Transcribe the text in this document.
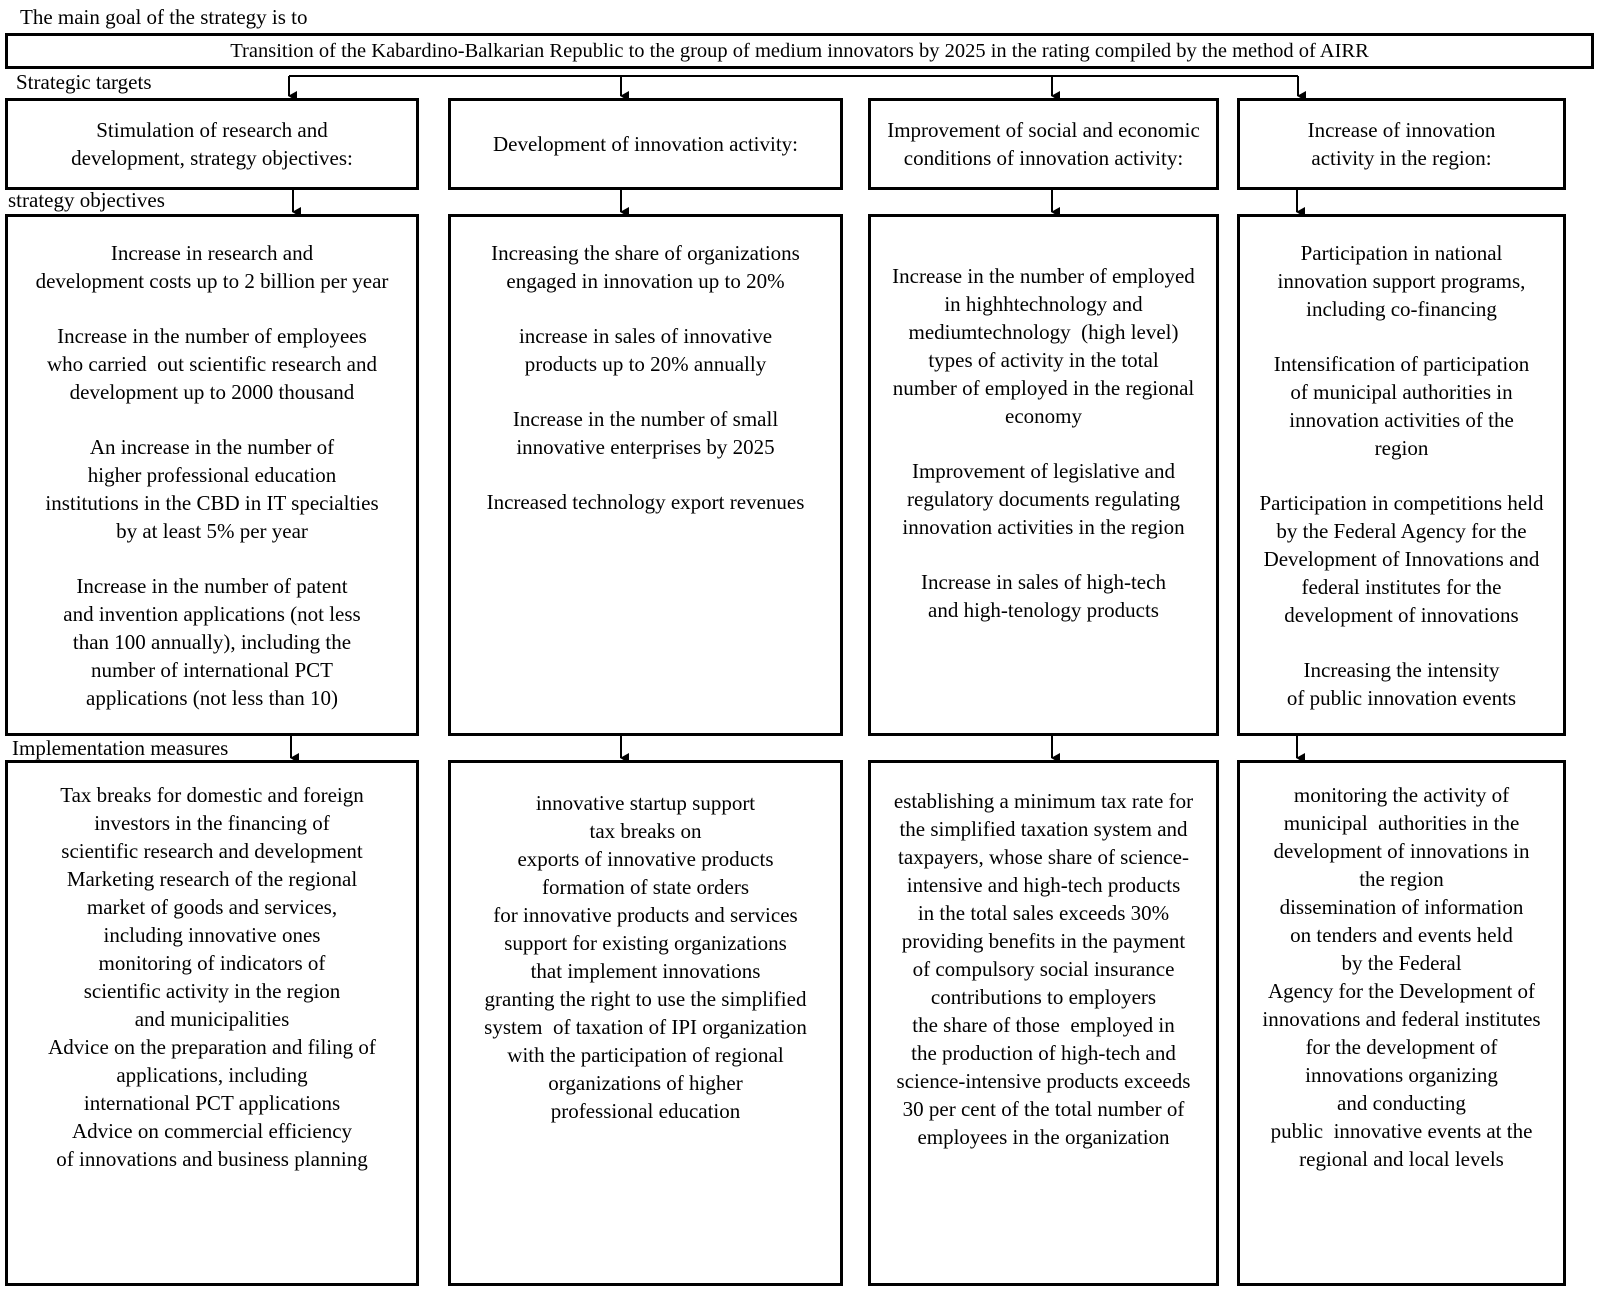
The main goal of the strategy is to
Transition of the Kabardino-Balkarian Republic to the group of medium innovators by 2025 in the rating compiled by the method of AIRR
Strategic targets
Stimulation of research and
development, strategy objectives:
Development of innovation activity:
Improvement of social and economic
conditions of innovation activity:
Increase of innovation
activity in the region:
strategy objectives
Increase in research and
development costs up to 2 billion per year
Increase in the number of employees
who carried  out scientific research and
development up to 2000 thousand
An increase in the number of
higher professional education
institutions in the CBD in IT specialties
by at least 5% per year
Increase in the number of patent
and invention applications (not less
than 100 annually), including the
number of international PCT
applications (not less than 10)
Increasing the share of organizations
engaged in innovation up to 20%
increase in sales of innovative
products up to 20% annually
Increase in the number of small
innovative enterprises by 2025
Increased technology export revenues
Increase in the number of employed
in highhtechnology and
mediumtechnology  (high level)
types of activity in the total
number of employed in the regional
economy
Improvement of legislative and
regulatory documents regulating
innovation activities in the region
Increase in sales of high-tech
and high-tenology products
Participation in national
innovation support programs,
including co-financing
Intensification of participation
of municipal authorities in
innovation activities of the
region
Participation in competitions held
by the Federal Agency for the
Development of Innovations and
federal institutes for the
development of innovations
Increasing the intensity
of public innovation events
Implementation measures
Tax breaks for domestic and foreign
investors in the financing of
scientific research and development
Marketing research of the regional
market of goods and services,
including innovative ones
monitoring of indicators of
scientific activity in the region
and municipalities
Advice on the preparation and filing of
applications, including
international PCT applications
Advice on commercial efficiency
of innovations and business planning
innovative startup support
tax breaks on
exports of innovative products
formation of state orders
for innovative products and services
support for existing organizations
that implement innovations
granting the right to use the simplified
system  of taxation of IPI organization
with the participation of regional
organizations of higher
professional education
establishing a minimum tax rate for
the simplified taxation system and
taxpayers, whose share of science-
intensive and high-tech products
in the total sales exceeds 30%
providing benefits in the payment
of compulsory social insurance
contributions to employers
the share of those  employed in
the production of high-tech and
science-intensive products exceeds
30 per cent of the total number of
employees in the organization
monitoring the activity of
municipal  authorities in the
development of innovations in
the region
dissemination of information
on tenders and events held
by the Federal
Agency for the Development of
innovations and federal institutes
for the development of
innovations organizing
and conducting
public  innovative events at the
regional and local levels
